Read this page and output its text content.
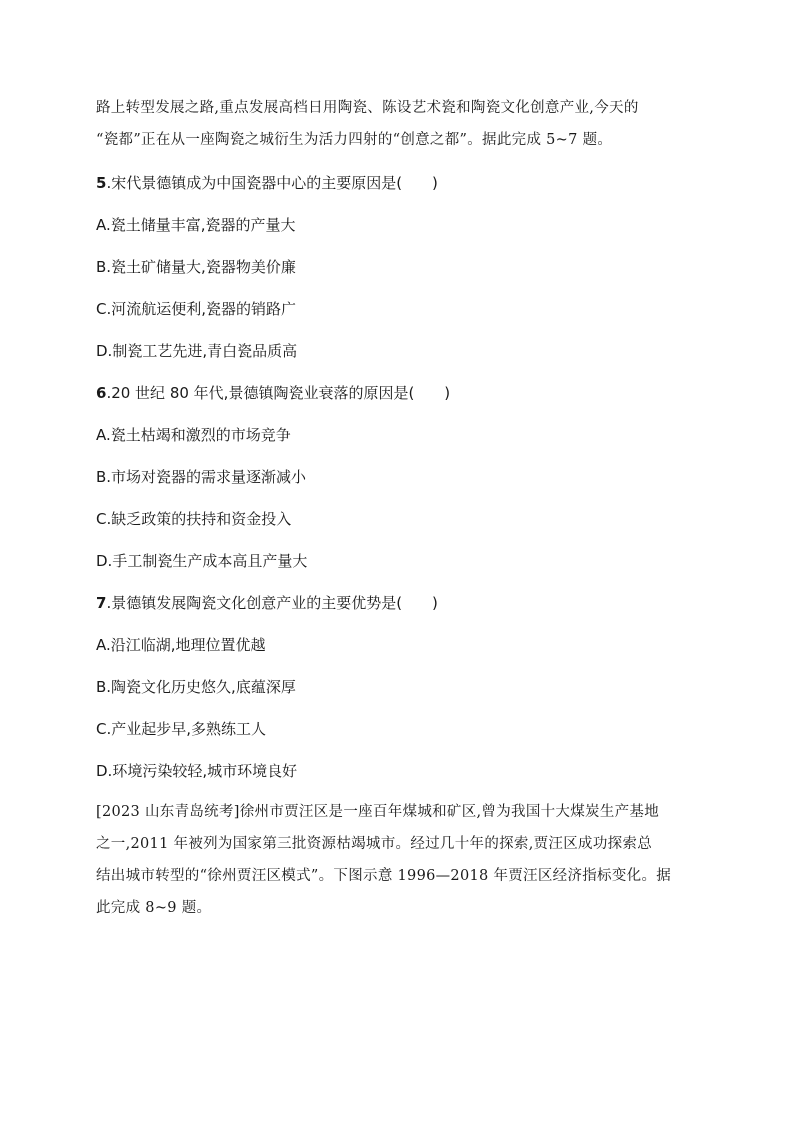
路上转型发展之路,重点发展高档日用陶瓷、陈设艺术瓷和陶瓷文化创意产业,今天的
“瓷都”正在从一座陶瓷之城衍生为活力四射的“创意之都”。据此完成 5~7 题。
5.宋代景德镇成为中国瓷器中心的主要原因是(　　)
A.瓷土储量丰富,瓷器的产量大
B.瓷土矿储量大,瓷器物美价廉
C.河流航运便利,瓷器的销路广
D.制瓷工艺先进,青白瓷品质高
6.20 世纪 80 年代,景德镇陶瓷业衰落的原因是(　　)
A.瓷土枯竭和激烈的市场竞争
B.市场对瓷器的需求量逐渐减小
C.缺乏政策的扶持和资金投入
D.手工制瓷生产成本高且产量大
7.景德镇发展陶瓷文化创意产业的主要优势是(　　)
A.沿江临湖,地理位置优越
B.陶瓷文化历史悠久,底蕴深厚
C.产业起步早,多熟练工人
D.环境污染较轻,城市环境良好
[2023 山东青岛统考]徐州市贾汪区是一座百年煤城和矿区,曾为我国十大煤炭生产基地
之一,2011 年被列为国家第三批资源枯竭城市。经过几十年的探索,贾汪区成功探索总
结出城市转型的“徐州贾汪区模式”。下图示意 1996—2018 年贾汪区经济指标变化。据
此完成 8~9 题。
